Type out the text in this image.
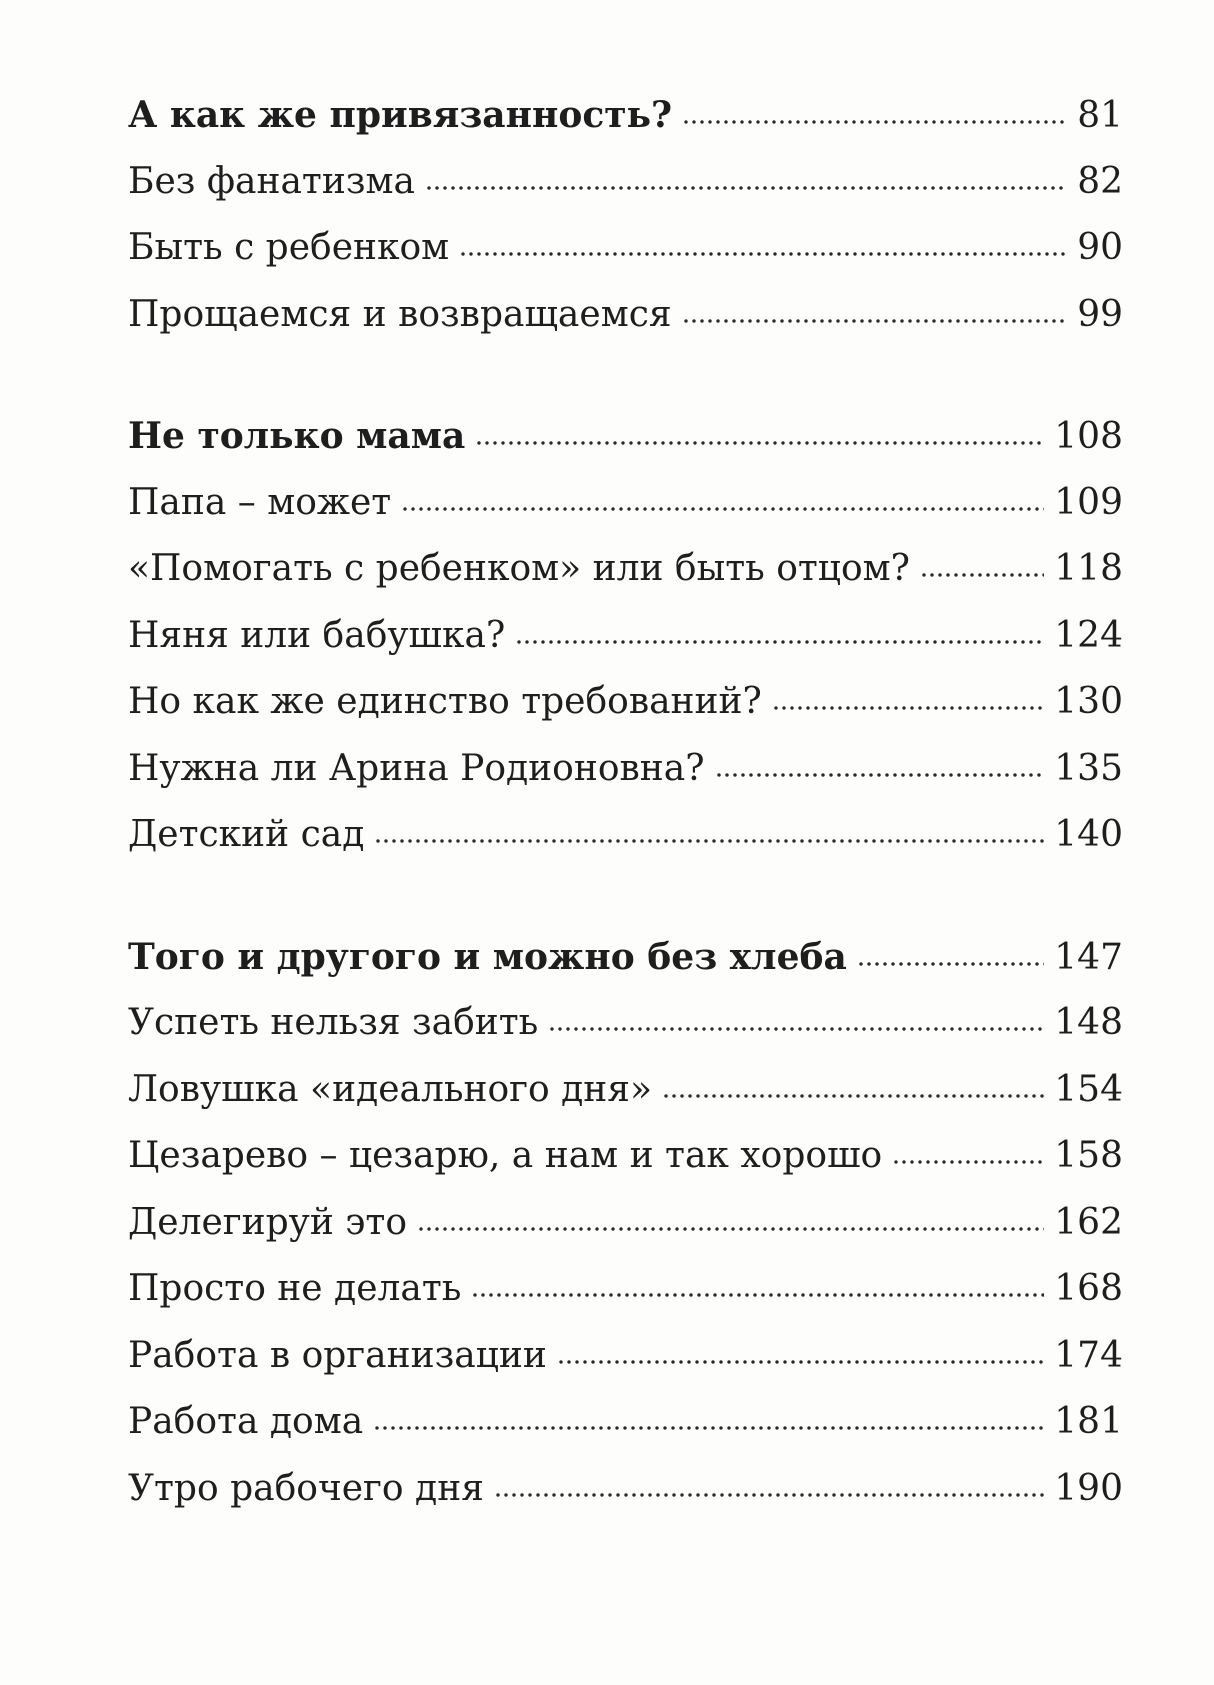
А как же привязанность?	81
Без фанатизма	82
Быть с ребенком	90
Прощаемся и возвращаемся	99
Не только мама	108
Папа – может	109
«Помогать с ребенком» или быть отцом?	118
Няня или бабушка?	124
Но как же единство требований?	130
Нужна ли Арина Родионовна?	135
Детский сад	140
Того и другого и можно без хлеба	147
Успеть нельзя забить	148
Ловушка «идеального дня»	154
Цезарево – цезарю, а нам и так хорошо	158
Делегируй это	162
Просто не делать	168
Работа в организации	174
Работа дома	181
Утро рабочего дня	190
